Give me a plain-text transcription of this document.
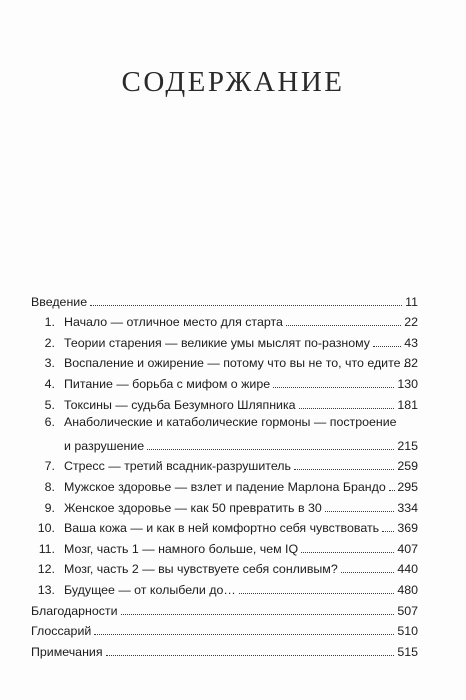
СОДЕРЖАНИЕ
Введение	11
1. Начало — отличное место для старта	22
2. Теории старения — великие умы мыслят по-разному	43
3. Воспаление и ожирение — потому что вы не то, что едите 82
4. Питание — борьба с мифом о жире	130
5. Токсины — судьба Безумного Шляпника	181
6. Анаболические и катаболические гормоны — построение
и разрушение	215
7. Стресс — третий всадник-разрушитель	259
8. Мужское здоровье — взлет и падение Марлона Брандо 295
9. Женское здоровье — как 50 превратить в 30	334
10. Ваша кожа — и как в ней комфортно себя чувствовать 369
11. Мозг, часть 1 — намного больше, чем IQ	407
12. Мозг, часть 2 — вы чувствуете себя сонливым?	440
13. Будущее — от колыбели до…	480
Благодарности	507
Глоссарий	510
Примечания	515
